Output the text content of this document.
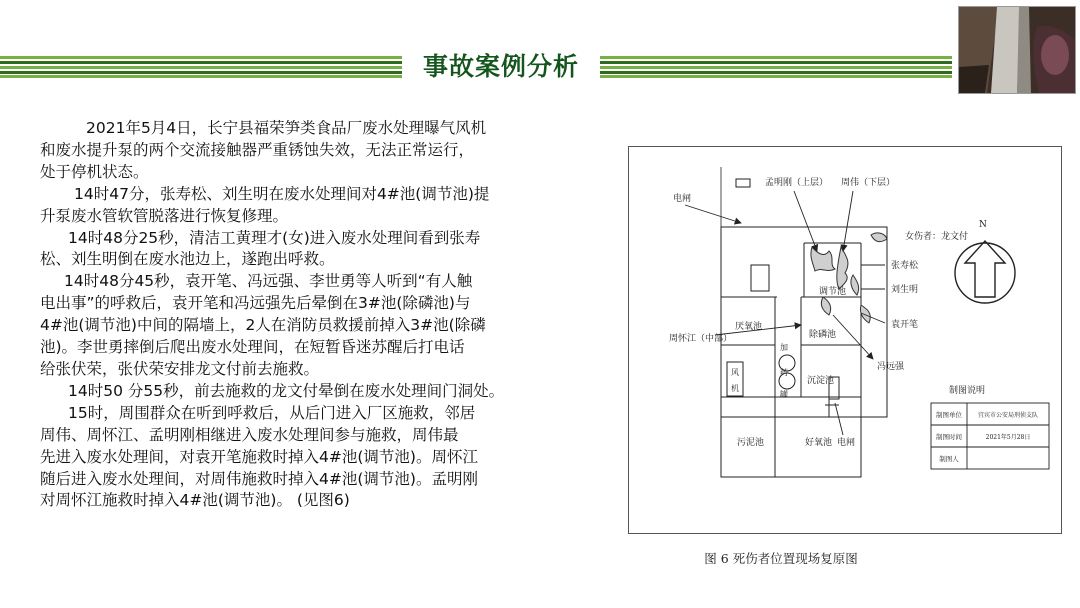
事故案例分析

2021年5月4日，长宁县福荣笋类食品厂废水处理曝气风机
和废水提升泵的两个交流接触器严重锈蚀失效，无法正常运行，
处于停机状态。

14时47分，张寿松、刘生明在废水处理间对4#池(调节池)提
升泵废水管软管脱落进行恢复修理。

14时48分25秒，清洁工黄理才(女)进入废水处理间看到张寿
松、刘生明倒在废水池边上，遂跑出呼救。

14时48分45秒，袁开笔、冯远强、李世勇等人听到“有人触
电出事”的呼救后，袁开笔和冯远强先后晕倒在3#池(除磷池)与
4#池(调节池)中间的隔墙上，2人在消防员救援前掉入3#池(除磷
池)。李世勇摔倒后爬出废水处理间，在短暂昏迷苏醒后打电话
给张伏荣，张伏荣安排龙文付前去施救。

14时50 分55秒，前去施救的龙文付晕倒在废水处理间门洞处。

15时，周围群众在听到呼救后，从后门进入厂区施救，邻居
周伟、周怀江、孟明刚相继进入废水处理间参与施救，周伟最
先进入废水处理间，对袁开笔施救时掉入4#池(调节池)。周怀江
随后进入废水处理间，对周伟施救时掉入4#池(调节池)。孟明刚
对周怀江施救时掉入4#池(调节池)。 (见图6)

电闸
孟明刚（上层） 周伟（下层）
女伤者：龙文付
张寿松
刘生明
袁开笔
冯远强
周怀江（中部）
调节池
除磷池
厌氧池
加
药
罐
沉淀池
风
机
污泥池	好氧池 电闸
N
制图说明
制图单位	宜宾市公安局刑侦支队
制图时间	2021年5月28日
制图人
图 6 死伤者位置现场复原图
